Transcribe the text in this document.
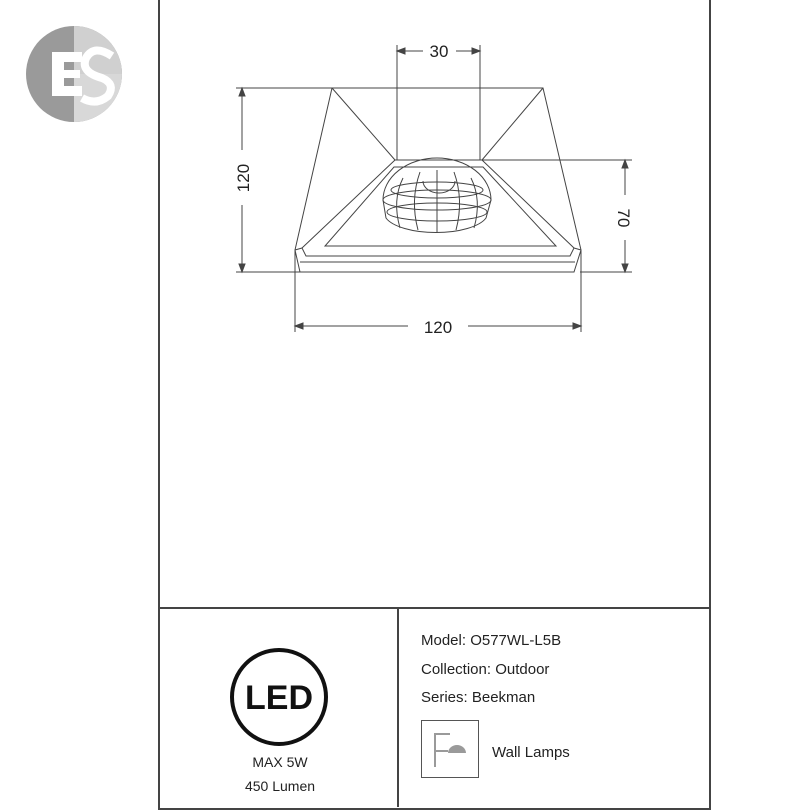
30
120
70
120
LED
MAX 5W
450 Lumen
Model: O577WL-L5B
Collection: Outdoor
Series: Beekman
Wall Lamps
